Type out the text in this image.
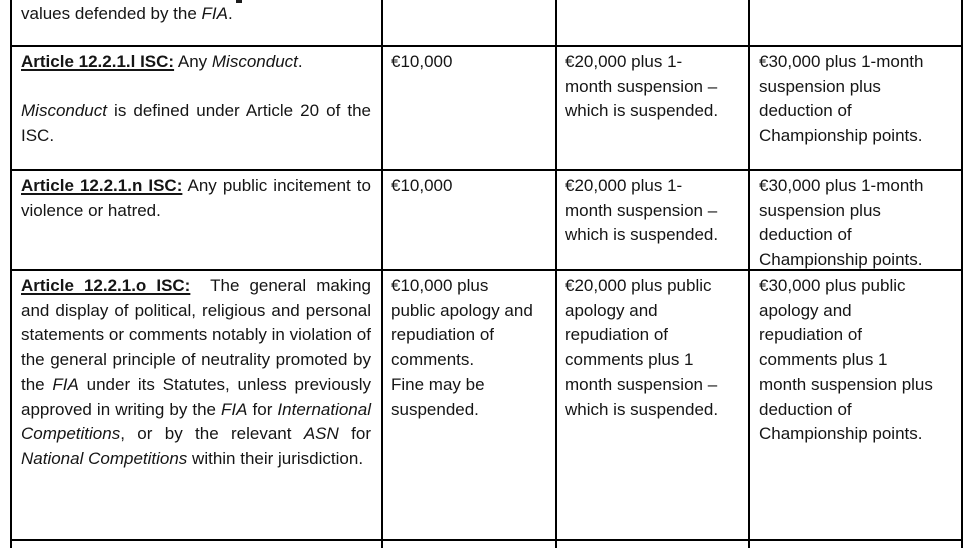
values defended by the FIA.
Article 12.2.1.l ISC: Any Misconduct.

Misconduct is defined under Article 20 of the ISC.
€10,000	€20,000 plus 1-
month suspension –
which is suspended.
€30,000 plus 1-month
suspension plus
deduction of
Championship points.
Article 12.2.1.n ISC: Any public incitement to violence or hatred.
€10,000	€20,000 plus 1-
month suspension –
which is suspended.
€30,000 plus 1-month
suspension plus
deduction of
Championship points.
Article 12.2.1.o ISC:  The general making and display of political, religious and personal statements or comments notably in violation of the general principle of neutrality promoted by the FIA under its Statutes, unless previously approved in writing by the FIA for International Competitions, or by the relevant ASN for National Competitions within their jurisdiction.
€10,000 plus
public apology and
repudiation of
comments.
Fine may be
suspended.
€20,000 plus public
apology and
repudiation of
comments plus 1
month suspension –
which is suspended.
€30,000 plus public
apology and
repudiation of
comments plus 1
month suspension plus
deduction of
Championship points.
